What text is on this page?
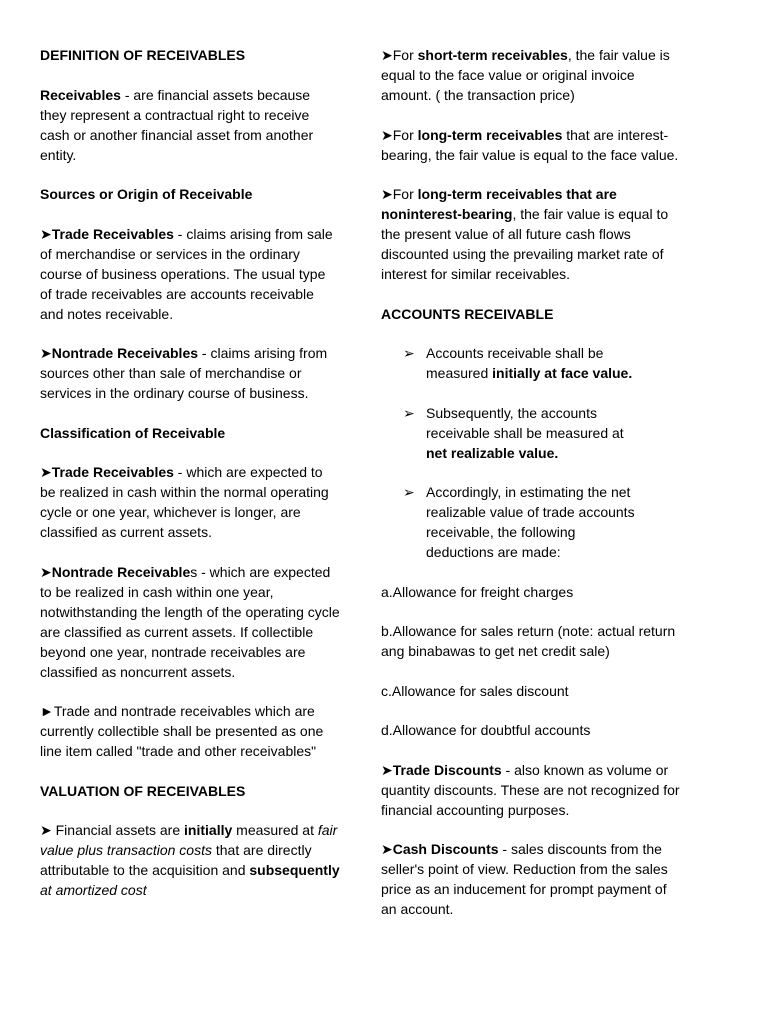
DEFINITION OF RECEIVABLES

Receivables - are financial assets because they represent a contractual right to receive cash or another financial asset from another entity.

Sources or Origin of Receivable

➤Trade Receivables - claims arising from sale of merchandise or services in the ordinary course of business operations. The usual type of trade receivables are accounts receivable and notes receivable.

➤Nontrade Receivables - claims arising from sources other than sale of merchandise or services in the ordinary course of business.

Classification of Receivable

➤Trade Receivables - which are expected to be realized in cash within the normal operating cycle or one year, whichever is longer, are classified as current assets.

➤Nontrade Receivables - which are expected to be realized in cash within one year, notwithstanding the length of the operating cycle are classified as current assets. If collectible beyond one year, nontrade receivables are classified as noncurrent assets.

►Trade and nontrade receivables which are currently collectible shall be presented as one line item called "trade and other receivables"

VALUATION OF RECEIVABLES

➤ Financial assets are initially measured at fair value plus transaction costs that are directly attributable to the acquisition and subsequently at amortized cost

➤For short-term receivables, the fair value is equal to the face value or original invoice amount. ( the transaction price)

➤For long-term receivables that are interest-bearing, the fair value is equal to the face value.

➤For long-term receivables that are noninterest-bearing, the fair value is equal to the present value of all future cash flows discounted using the prevailing market rate of interest for similar receivables.

ACCOUNTS RECEIVABLE

➢ Accounts receivable shall be measured initially at face value.
➢ Subsequently, the accounts receivable shall be measured at net realizable value.
➢ Accordingly, in estimating the net realizable value of trade accounts receivable, the following deductions are made:

a.Allowance for freight charges

b.Allowance for sales return (note: actual return ang binabawas to get net credit sale)

c.Allowance for sales discount

d.Allowance for doubtful accounts

➤Trade Discounts - also known as volume or quantity discounts. These are not recognized for financial accounting purposes.

➤Cash Discounts - sales discounts from the seller's point of view. Reduction from the sales price as an inducement for prompt payment of an account.
